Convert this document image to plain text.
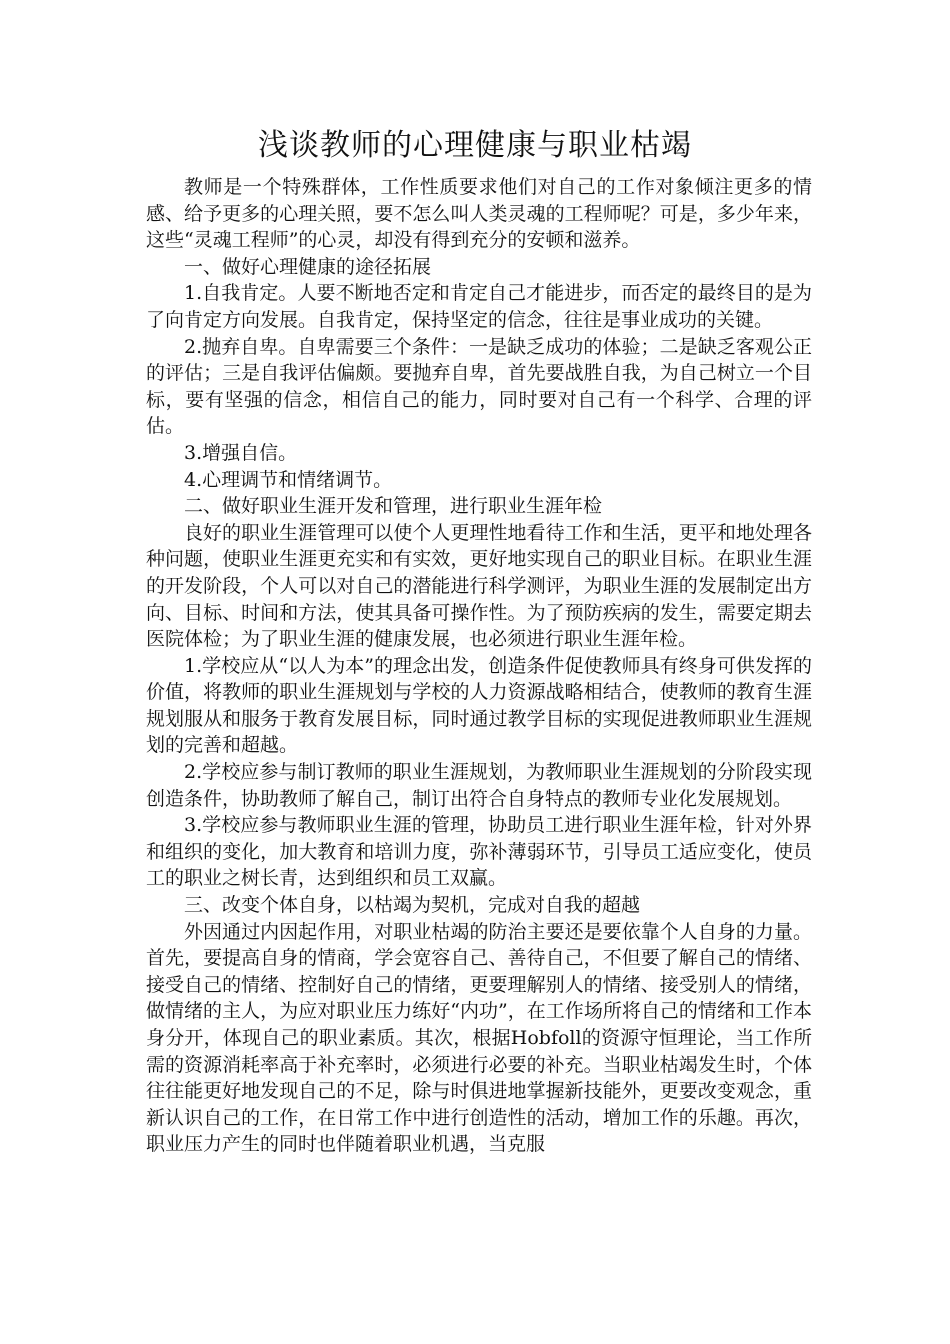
浅谈教师的心理健康与职业枯竭

教师是一个特殊群体，工作性质要求他们对自己的工作对象倾注更多的情感、给予更多的心理关照，要不怎么叫人类灵魂的工程师呢？可是，多少年来，这些“灵魂工程师”的心灵，却没有得到充分的安顿和滋养。

一、做好心理健康的途径拓展

1.自我肯定。人要不断地否定和肯定自己才能进步，而否定的最终目的是为了向肯定方向发展。自我肯定，保持坚定的信念，往往是事业成功的关键。

2.抛弃自卑。自卑需要三个条件：一是缺乏成功的体验；二是缺乏客观公正的评估；三是自我评估偏颇。要抛弃自卑，首先要战胜自我，为自己树立一个目标，要有坚强的信念，相信自己的能力，同时要对自己有一个科学、合理的评估。

3.增强自信。

4.心理调节和情绪调节。

二、做好职业生涯开发和管理，进行职业生涯年检

良好的职业生涯管理可以使个人更理性地看待工作和生活，更平和地处理各种问题，使职业生涯更充实和有实效，更好地实现自己的职业目标。在职业生涯的开发阶段，个人可以对自己的潜能进行科学测评，为职业生涯的发展制定出方向、目标、时间和方法，使其具备可操作性。为了预防疾病的发生，需要定期去医院体检；为了职业生涯的健康发展，也必须进行职业生涯年检。

1.学校应从“以人为本”的理念出发，创造条件促使教师具有终身可供发挥的价值，将教师的职业生涯规划与学校的人力资源战略相结合，使教师的教育生涯规划服从和服务于教育发展目标，同时通过教学目标的实现促进教师职业生涯规划的完善和超越。

2.学校应参与制订教师的职业生涯规划，为教师职业生涯规划的分阶段实现创造条件，协助教师了解自己，制订出符合自身特点的教师专业化发展规划。

3.学校应参与教师职业生涯的管理，协助员工进行职业生涯年检，针对外界和组织的变化，加大教育和培训力度，弥补薄弱环节，引导员工适应变化，使员工的职业之树长青，达到组织和员工双赢。

三、改变个体自身，以枯竭为契机，完成对自我的超越

外因通过内因起作用，对职业枯竭的防治主要还是要依靠个人自身的力量。首先，要提高自身的情商，学会宽容自己、善待自己，不但要了解自己的情绪、接受自己的情绪、控制好自己的情绪，更要理解别人的情绪、接受别人的情绪，做情绪的主人，为应对职业压力练好“内功”，在工作场所将自己的情绪和工作本身分开，体现自己的职业素质。其次，根据Hobfoll的资源守恒理论，当工作所需的资源消耗率高于补充率时，必须进行必要的补充。当职业枯竭发生时，个体往往能更好地发现自己的不足，除与时俱进地掌握新技能外，更要改变观念，重新认识自己的工作，在日常工作中进行创造性的活动，增加工作的乐趣。再次，职业压力产生的同时也伴随着职业机遇，当克服
